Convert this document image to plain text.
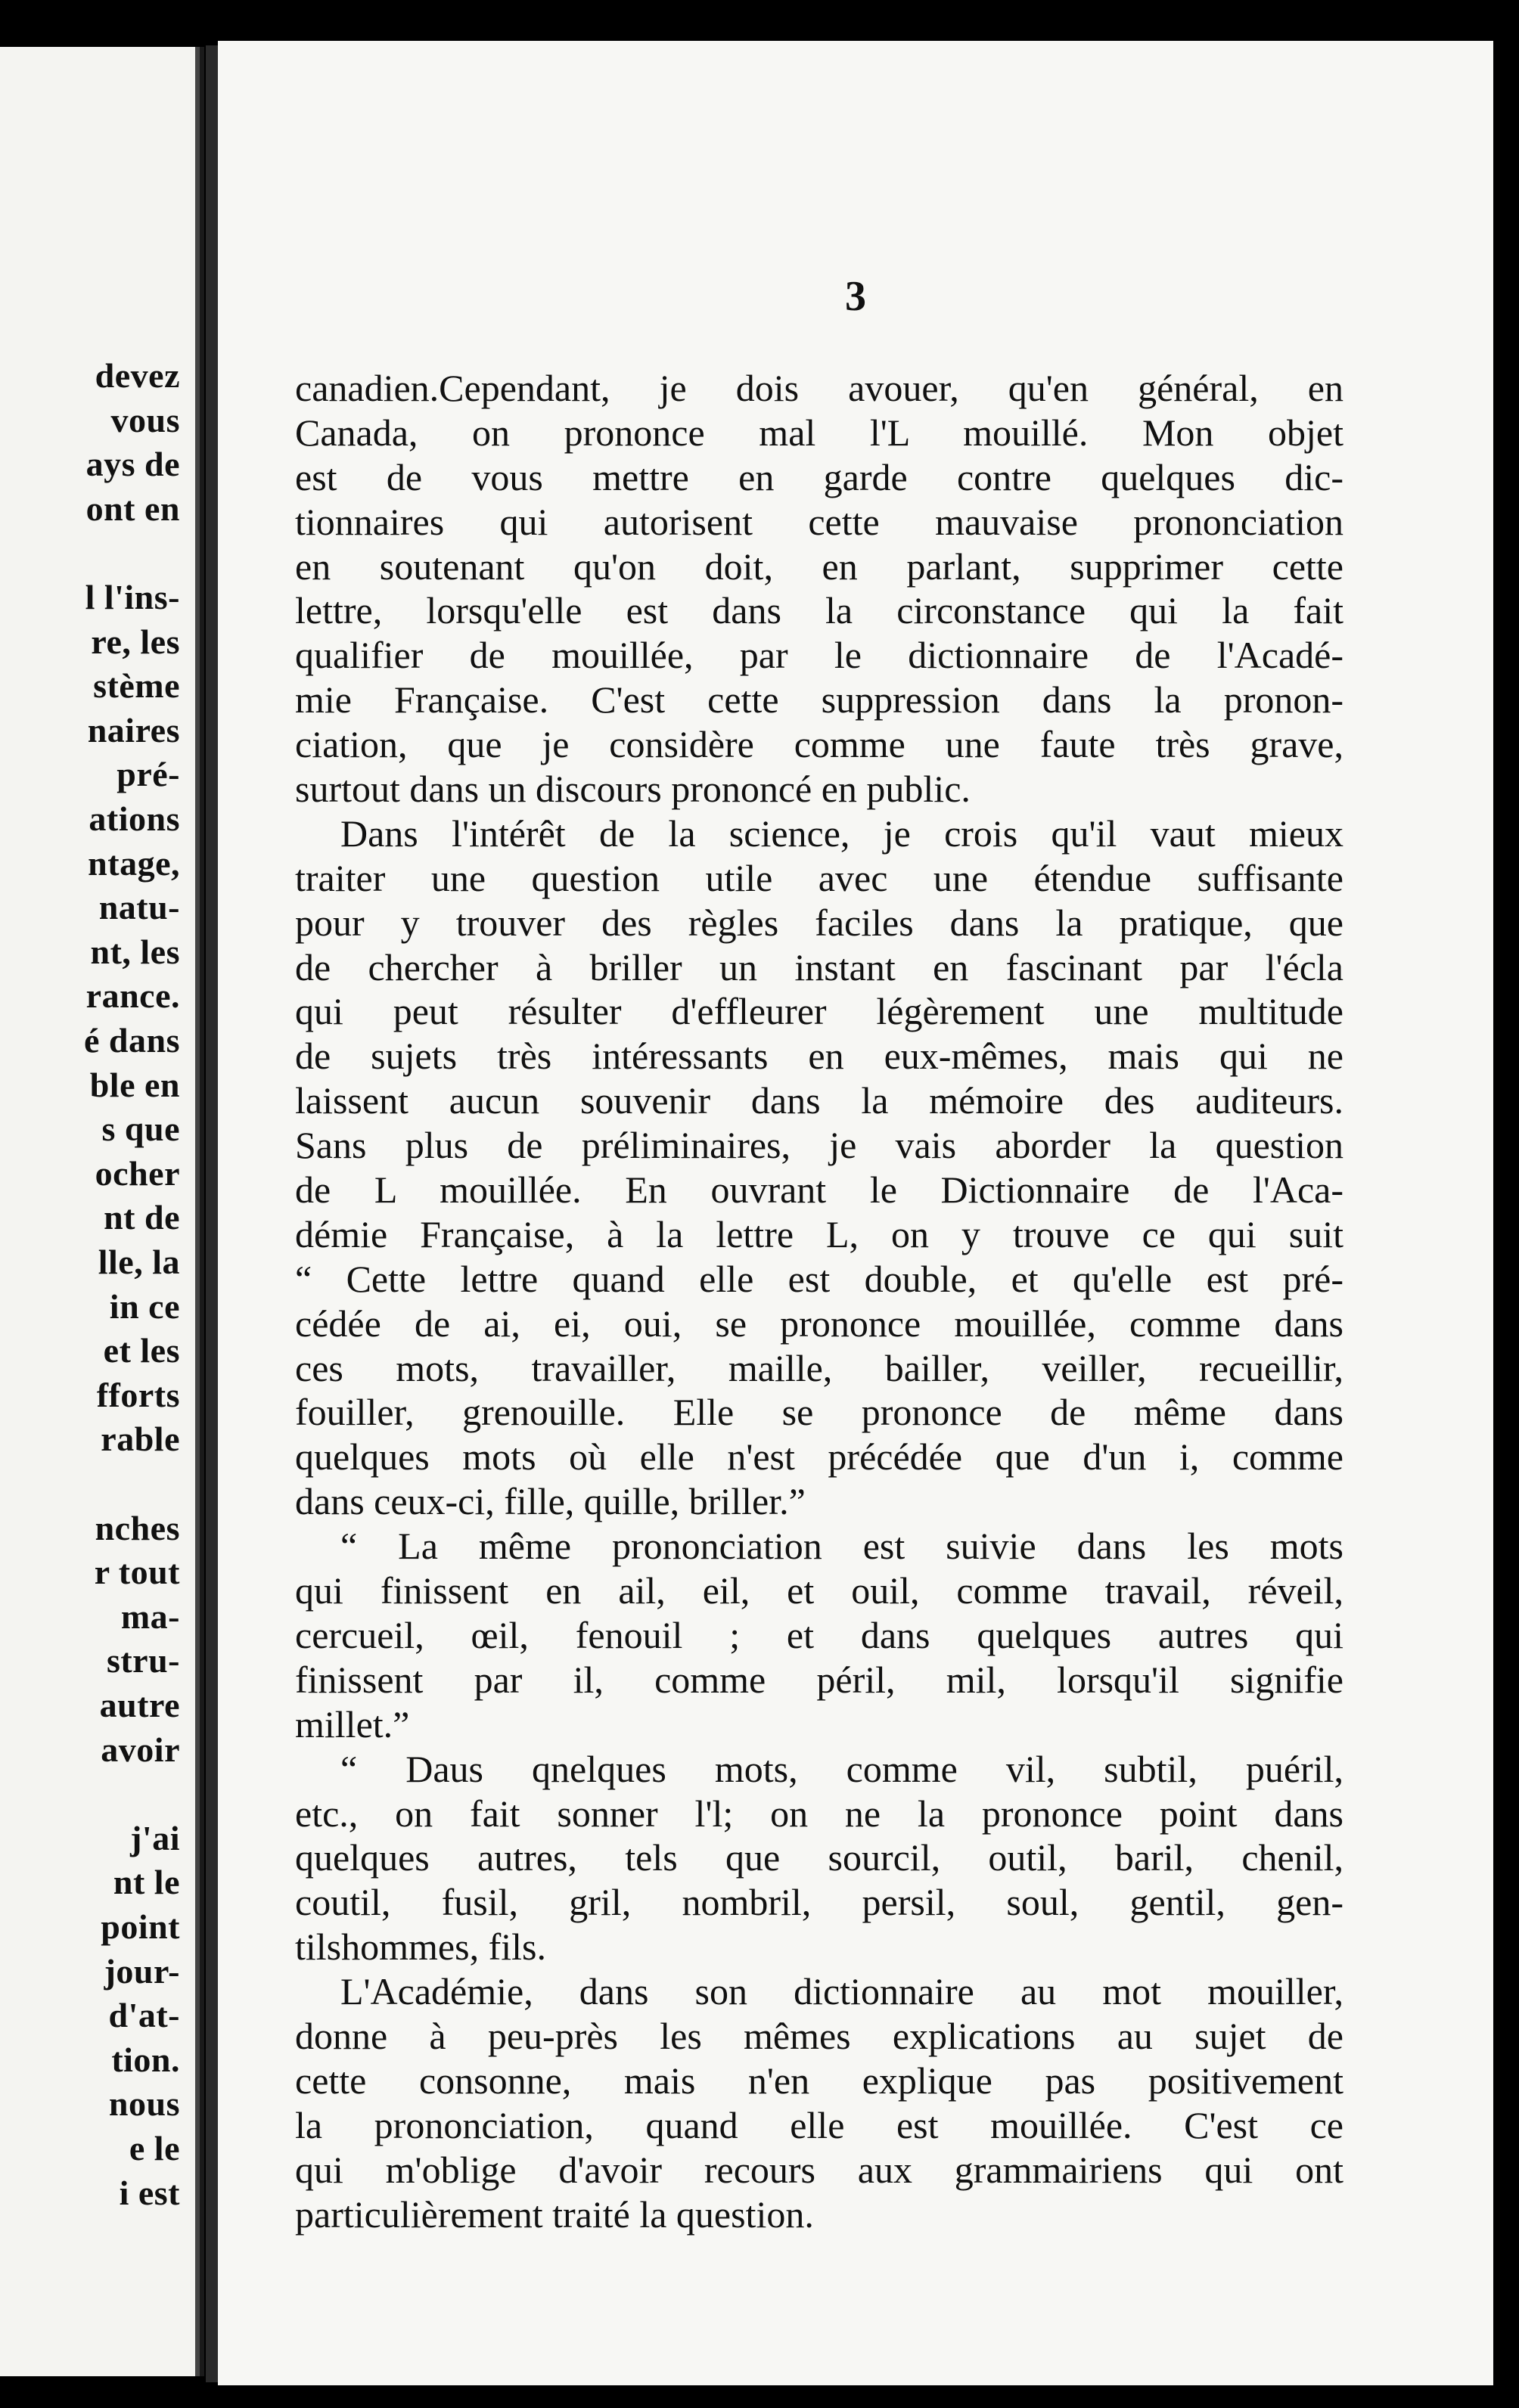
devez

vous

ays de

ont en

l l'ins-

re, les

stème

naires

pré-

ations

ntage,

natu-

nt, les

rance.

é dans

ble en

s que

ocher

nt de

lle, la

in ce

et les

fforts

rable

nches

r tout

ma-

stru-

autre

avoir

j'ai

nt le

point

jour-

d'at-

tion.

nous

e le

i est

3
canadien.Cependant, je dois avouer, qu'en général, en
Canada, on prononce mal l'L mouillé. Mon objet
est de vous mettre en garde contre quelques dic-
tionnaires qui autorisent cette mauvaise prononciation
en soutenant qu'on doit, en parlant, supprimer cette
lettre, lorsqu'elle est dans la circonstance qui la fait
qualifier de mouillée, par le dictionnaire de l'Acadé-
mie Française. C'est cette suppression dans la pronon-
ciation, que je considère comme une faute très grave,
surtout dans un discours prononcé en public.
Dans l'intérêt de la science, je crois qu'il vaut mieux
traiter une question utile avec une étendue suffisante
pour y trouver des règles faciles dans la pratique, que
de chercher à briller un instant en fascinant par l'écla
qui peut résulter d'effleurer légèrement une multitude
de sujets très intéressants en eux-mêmes, mais qui ne
laissent aucun souvenir dans la mémoire des auditeurs.
Sans plus de préliminaires, je vais aborder la question
de L mouillée. En ouvrant le Dictionnaire de l'Aca-
démie Française, à la lettre L, on y trouve ce qui suit
“ Cette lettre quand elle est double, et qu'elle est pré-
cédée de ai, ei, oui, se prononce mouillée, comme dans
ces mots, travailler, maille, bailler, veiller, recueillir,
fouiller, grenouille. Elle se prononce de même dans
quelques mots où elle n'est précédée que d'un i, comme
dans ceux-ci, fille, quille, briller.”
“ La même prononciation est suivie dans les mots
qui finissent en ail, eil, et ouil, comme travail, réveil,
cercueil, œil, fenouil ; et dans quelques autres qui
finissent par il, comme péril, mil, lorsqu'il signifie
millet.”
“ Daus qnelques mots, comme vil, subtil, puéril,
etc., on fait sonner l'l; on ne la prononce point dans
quelques autres, tels que sourcil, outil, baril, chenil,
coutil, fusil, gril, nombril, persil, soul, gentil, gen-
tilshommes, fils.
L'Académie, dans son dictionnaire au mot mouiller,
donne à peu-près les mêmes explications au sujet de
cette consonne, mais n'en explique pas positivement
la prononciation, quand elle est mouillée. C'est ce
qui m'oblige d'avoir recours aux grammairiens qui ont
particulièrement traité la question.
